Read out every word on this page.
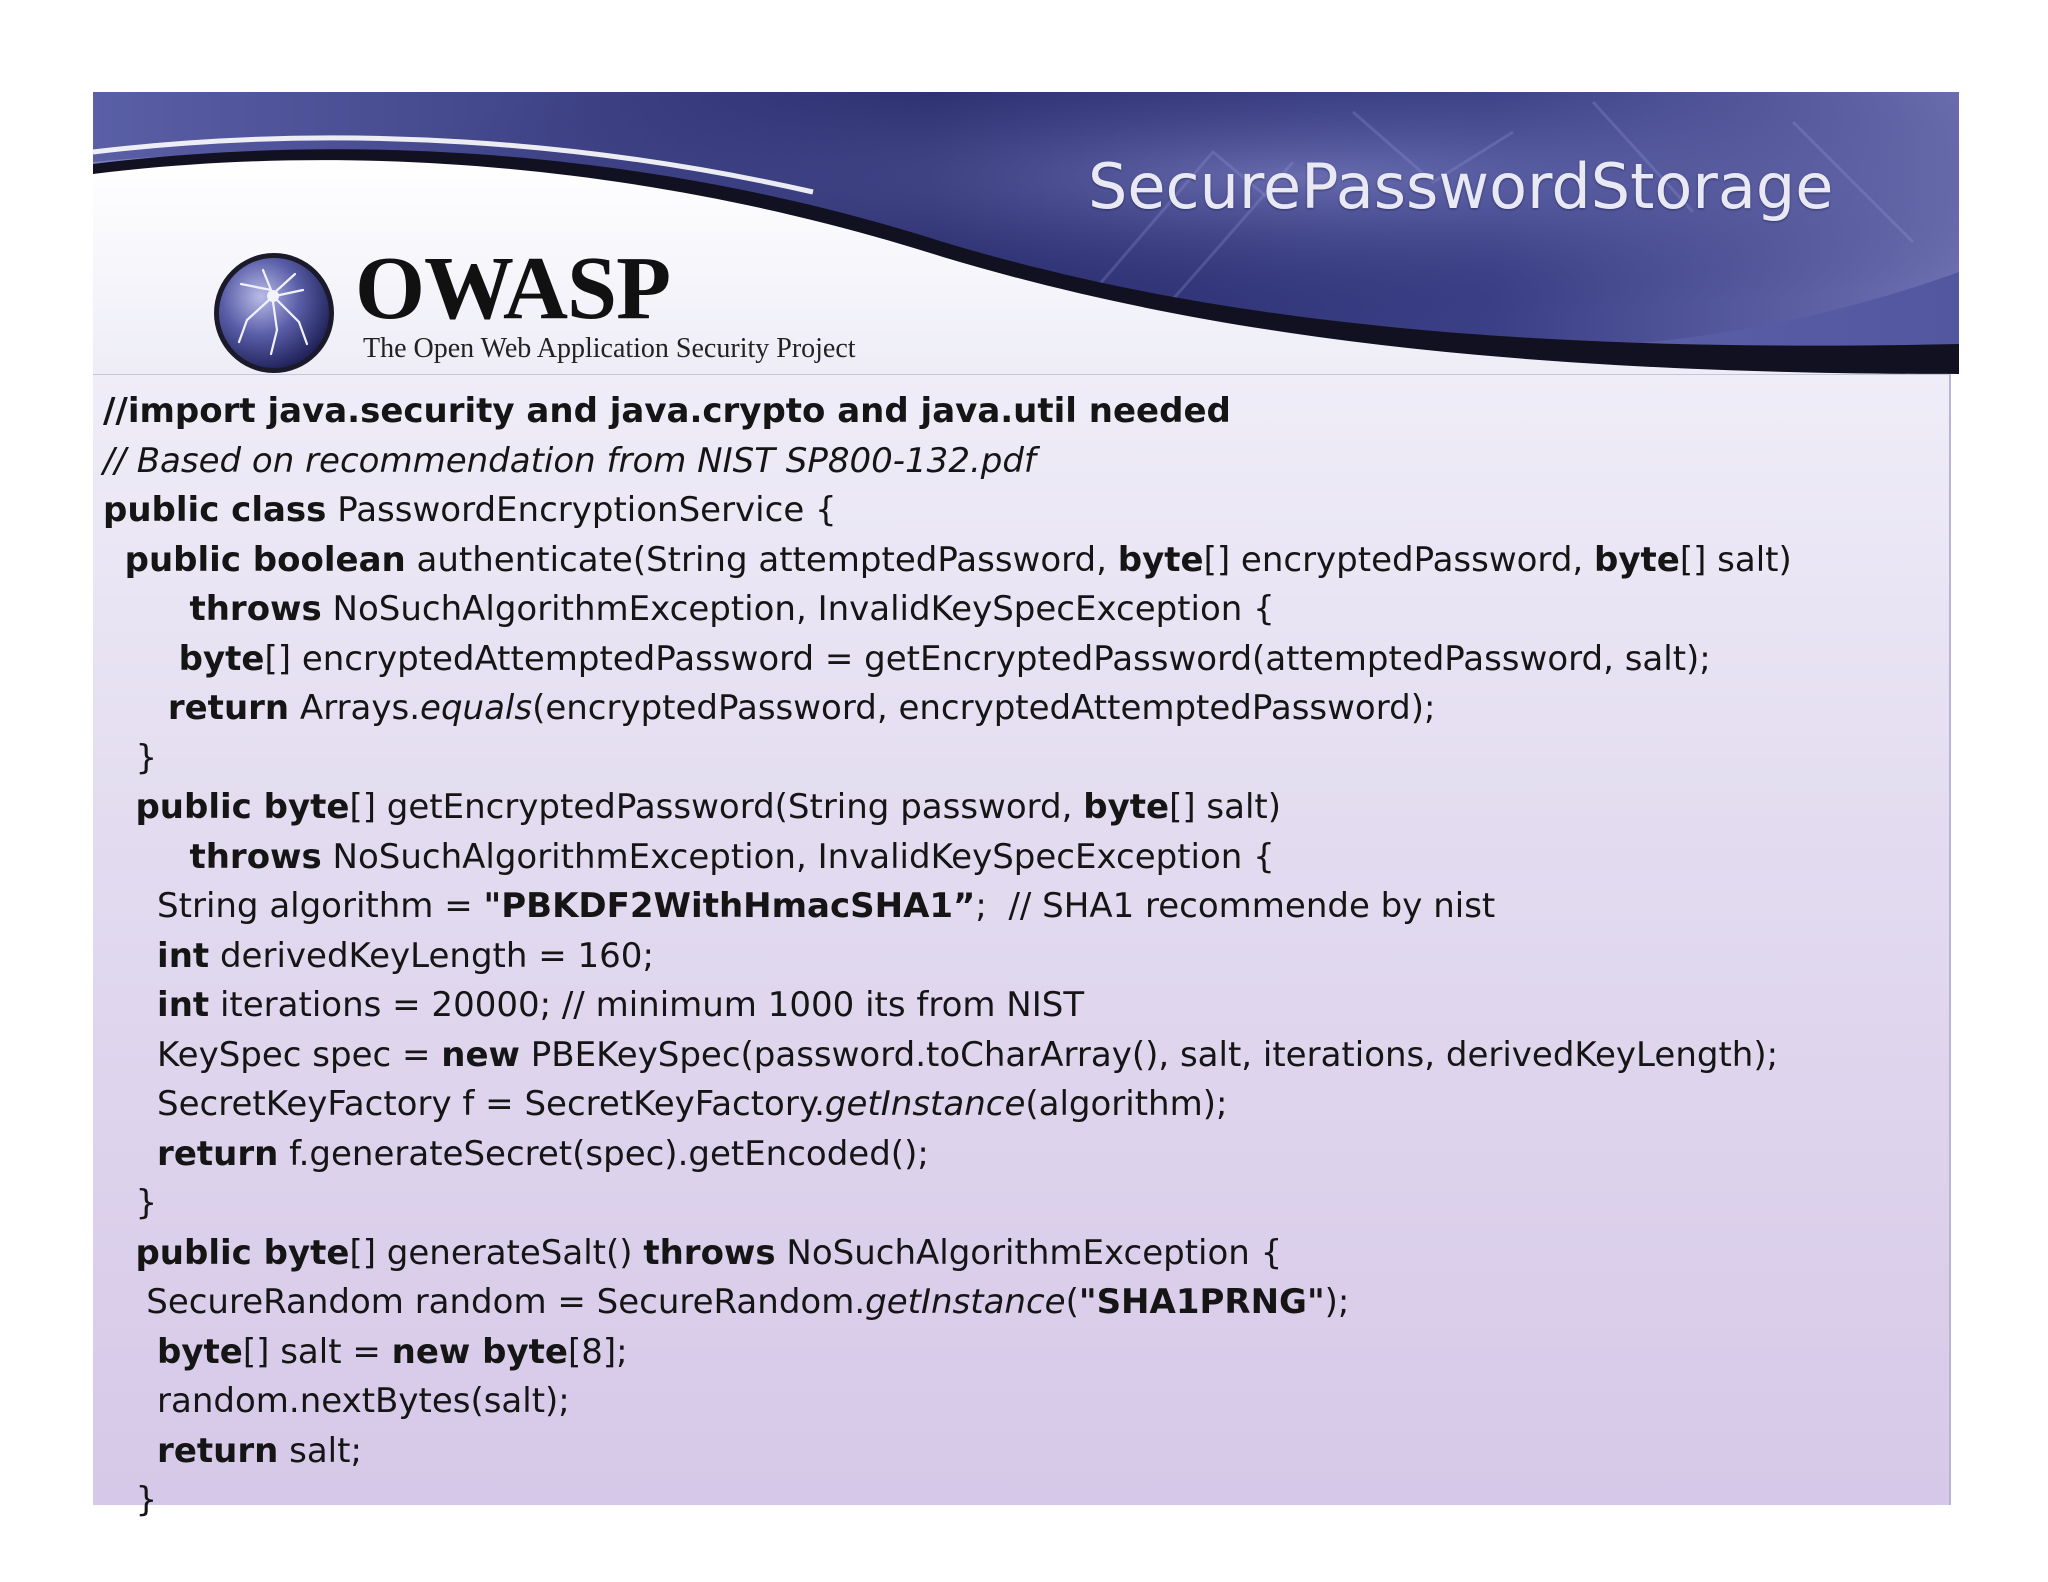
SecurePasswordStorage
OWASP
The Open Web Application Security Project
//import java.security and java.crypto and java.util needed
// Based on recommendation from NIST SP800-132.pdf
public class PasswordEncryptionService {
public boolean authenticate(String attemptedPassword, byte[] encryptedPassword, byte[] salt)
throws NoSuchAlgorithmException, InvalidKeySpecException {
byte[] encryptedAttemptedPassword = getEncryptedPassword(attemptedPassword, salt);
return Arrays.equals(encryptedPassword, encryptedAttemptedPassword);
}
public byte[] getEncryptedPassword(String password, byte[] salt)
throws NoSuchAlgorithmException, InvalidKeySpecException {
String algorithm = "PBKDF2WithHmacSHA1”;  // SHA1 recommende by nist
int derivedKeyLength = 160;
int iterations = 20000; // minimum 1000 its from NIST
KeySpec spec = new PBEKeySpec(password.toCharArray(), salt, iterations, derivedKeyLength);
SecretKeyFactory f = SecretKeyFactory.getInstance(algorithm);
return f.generateSecret(spec).getEncoded();
}
public byte[] generateSalt() throws NoSuchAlgorithmException {
SecureRandom random = SecureRandom.getInstance("SHA1PRNG");
byte[] salt = new byte[8];
random.nextBytes(salt);
return salt;
}
